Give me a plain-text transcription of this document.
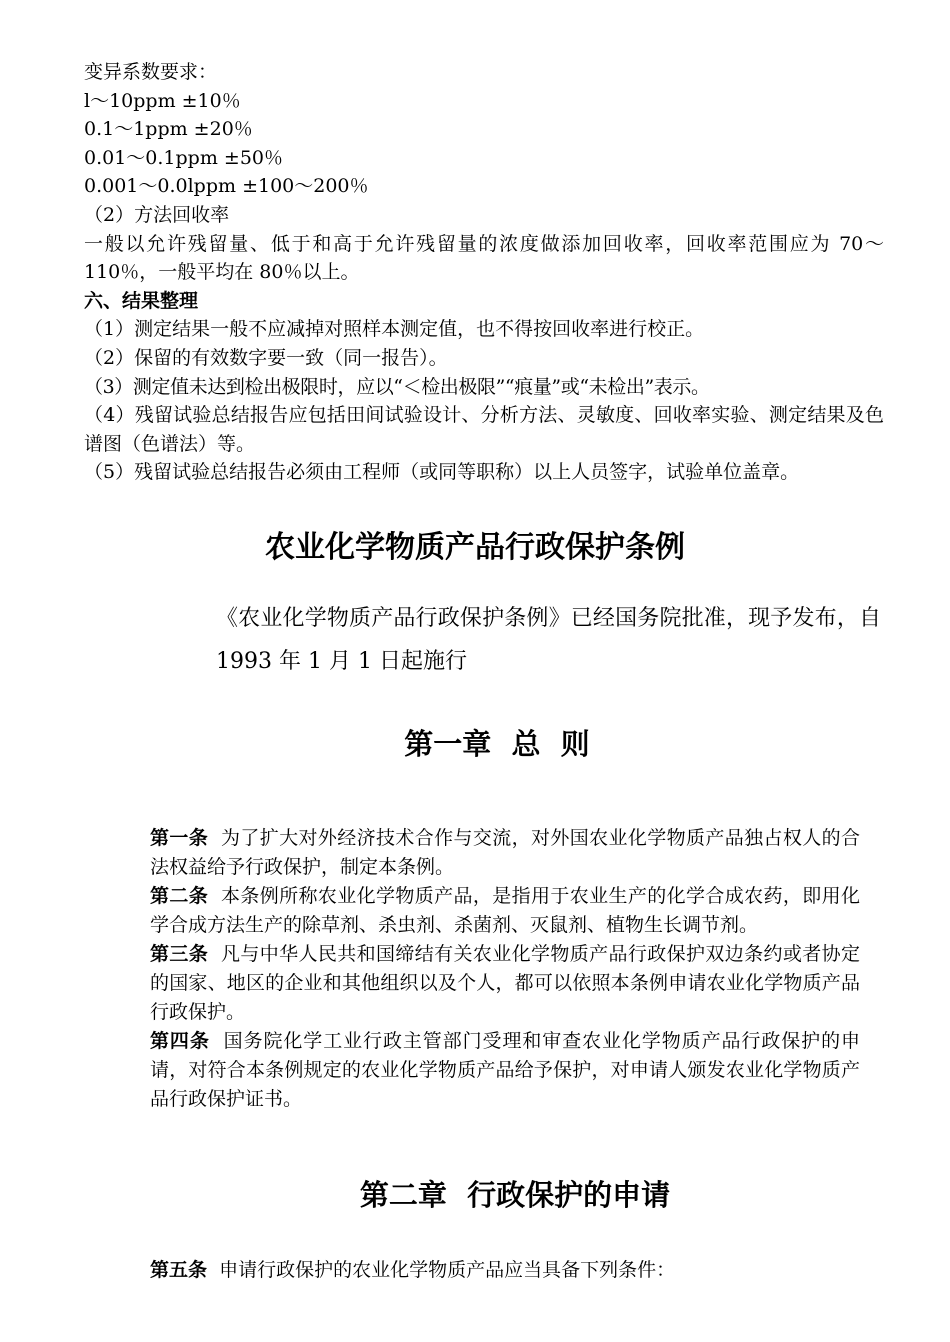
变异系数要求：

l～10ppm ±10％

0.1～1ppm ±20％

0.01～0.1ppm ±50％

0.001～0.0lppm ±100～200％

（2）方法回收率

一般以允许残留量、低于和高于允许残留量的浓度做添加回收率，回收率范围应为 70～110％，一般平均在 80％以上。

六、结果整理

（1）测定结果一般不应减掉对照样本测定值，也不得按回收率进行校正。

（2）保留的有效数字要一致（同一报告）。

（3）测定值未达到检出极限时，应以“＜检出极限”“痕量”或“未检出”表示。

（4）残留试验总结报告应包括田间试验设计、分析方法、灵敏度、回收率实验、测定结果及色谱图（色谱法）等。

（5）残留试验总结报告必须由工程师（或同等职称）以上人员签字，试验单位盖章。

农业化学物质产品行政保护条例

《农业化学物质产品行政保护条例》已经国务院批准，现予发布，自 1993 年 1 月 1 日起施行

第一章  总  则

第一条  为了扩大对外经济技术合作与交流，对外国农业化学物质产品独占权人的合法权益给予行政保护，制定本条例。

第二条  本条例所称农业化学物质产品，是指用于农业生产的化学合成农药，即用化学合成方法生产的除草剂、杀虫剂、杀菌剂、灭鼠剂、植物生长调节剂。

第三条  凡与中华人民共和国缔结有关农业化学物质产品行政保护双边条约或者协定的国家、地区的企业和其他组织以及个人，都可以依照本条例申请农业化学物质产品行政保护。

第四条  国务院化学工业行政主管部门受理和审查农业化学物质产品行政保护的申请，对符合本条例规定的农业化学物质产品给予保护，对申请人颁发农业化学物质产品行政保护证书。

第二章  行政保护的申请

第五条  申请行政保护的农业化学物质产品应当具备下列条件：
